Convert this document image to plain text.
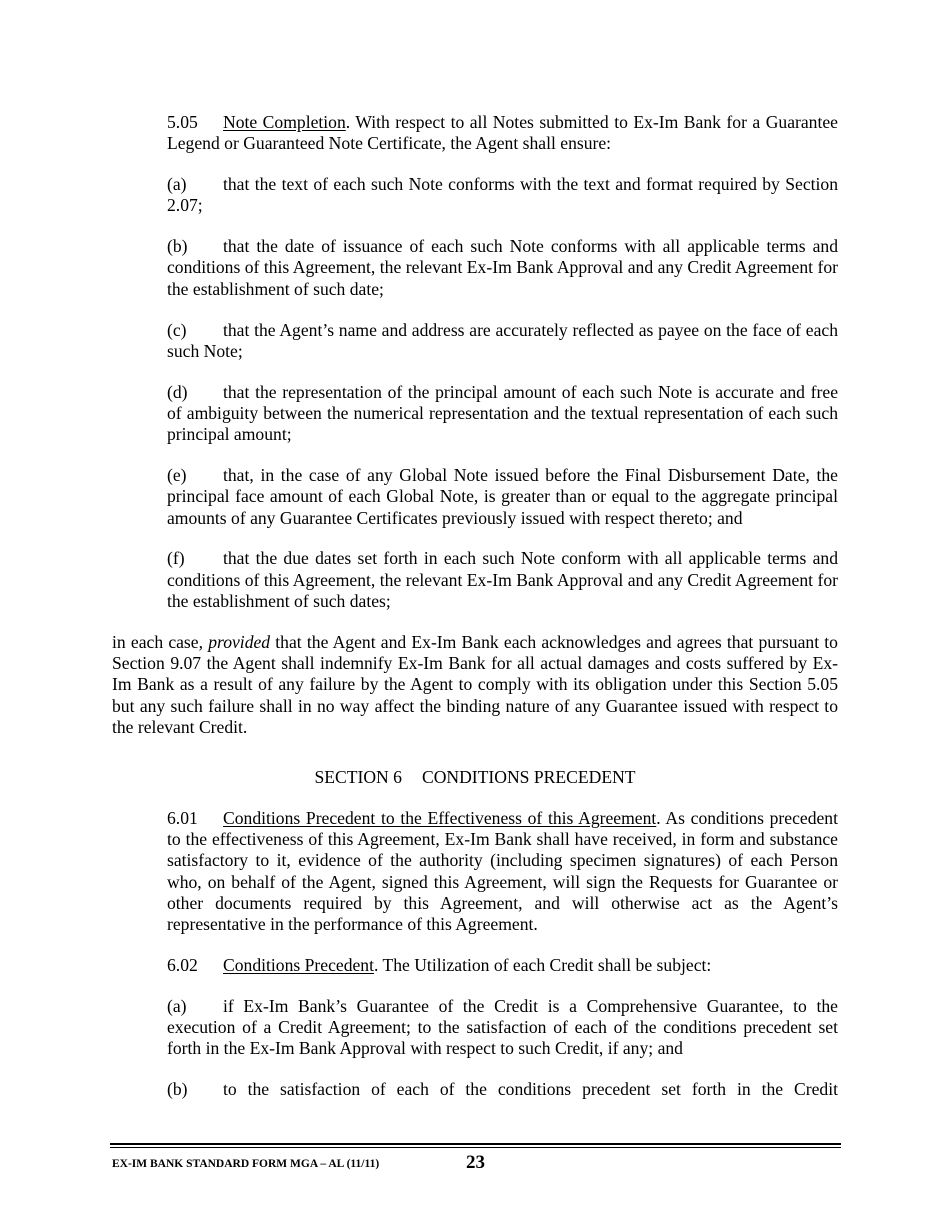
5.05 Note Completion. With respect to all Notes submitted to Ex-Im Bank for a Guarantee Legend or Guaranteed Note Certificate, the Agent shall ensure:

(a) that the text of each such Note conforms with the text and format required by Section 2.07;

(b) that the date of issuance of each such Note conforms with all applicable terms and conditions of this Agreement, the relevant Ex-Im Bank Approval and any Credit Agreement for the establishment of such date;

(c) that the Agent’s name and address are accurately reflected as payee on the face of each such Note;

(d) that the representation of the principal amount of each such Note is accurate and free of ambiguity between the numerical representation and the textual representation of each such principal amount;

(e) that, in the case of any Global Note issued before the Final Disbursement Date, the principal face amount of each Global Note, is greater than or equal to the aggregate principal amounts of any Guarantee Certificates previously issued with respect thereto; and

(f) that the due dates set forth in each such Note conform with all applicable terms and conditions of this Agreement, the relevant Ex-Im Bank Approval and any Credit Agreement for the establishment of such dates;

in each case, provided that the Agent and Ex-Im Bank each acknowledges and agrees that pursuant to Section 9.07 the Agent shall indemnify Ex-Im Bank for all actual damages and costs suffered by Ex-Im Bank as a result of any failure by the Agent to comply with its obligation under this Section 5.05 but any such failure shall in no way affect the binding nature of any Guarantee issued with respect to the relevant Credit.

SECTION 6 CONDITIONS PRECEDENT

6.01 Conditions Precedent to the Effectiveness of this Agreement. As conditions precedent to the effectiveness of this Agreement, Ex-Im Bank shall have received, in form and substance satisfactory to it, evidence of the authority (including specimen signatures) of each Person who, on behalf of the Agent, signed this Agreement, will sign the Requests for Guarantee or other documents required by this Agreement, and will otherwise act as the Agent’s representative in the performance of this Agreement.

6.02 Conditions Precedent. The Utilization of each Credit shall be subject:

(a) if Ex-Im Bank’s Guarantee of the Credit is a Comprehensive Guarantee, to the execution of a Credit Agreement; to the satisfaction of each of the conditions precedent set forth in the Ex-Im Bank Approval with respect to such Credit, if any; and

(b) to the satisfaction of each of the conditions precedent set forth in the Credit

EX-IM BANK STANDARD FORM MGA – AL (11/11)	23
